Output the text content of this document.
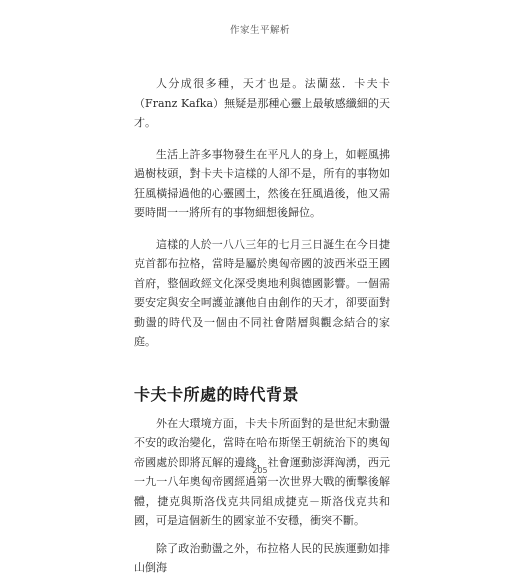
作家生平解析

人分成很多種，天才也是。法蘭茲．卡夫卡（Franz Kafka）無疑是那種心靈上最敏感纖細的天才。

生活上許多事物發生在平凡人的身上，如輕風拂過樹枝頭，對卡夫卡這樣的人卻不是，所有的事物如狂風橫掃過他的心靈國土，然後在狂風過後，他又需要時間一一將所有的事物細想後歸位。

這樣的人於一八八三年的七月三日誕生在今日捷克首都布拉格，當時是屬於奧匈帝國的波西米亞王國首府，整個政經文化深受奧地利與德國影響。一個需要安定與安全呵護並讓他自由創作的天才，卻要面對動盪的時代及一個由不同社會階層與觀念結合的家庭。

卡夫卡所處的時代背景

外在大環境方面，卡夫卡所面對的是世紀末動盪不安的政治變化，當時在哈布斯堡王朝統治下的奧匈帝國處於即將瓦解的邊緣，社會運動澎湃洶湧，西元一九一八年奧匈帝國經過第一次世界大戰的衝擊後解體，捷克與斯洛伐克共同組成捷克－斯洛伐克共和國，可是這個新生的國家並不安穩，衝突不斷。

除了政治動盪之外，布拉格人民的民族運動如排山倒海

205
